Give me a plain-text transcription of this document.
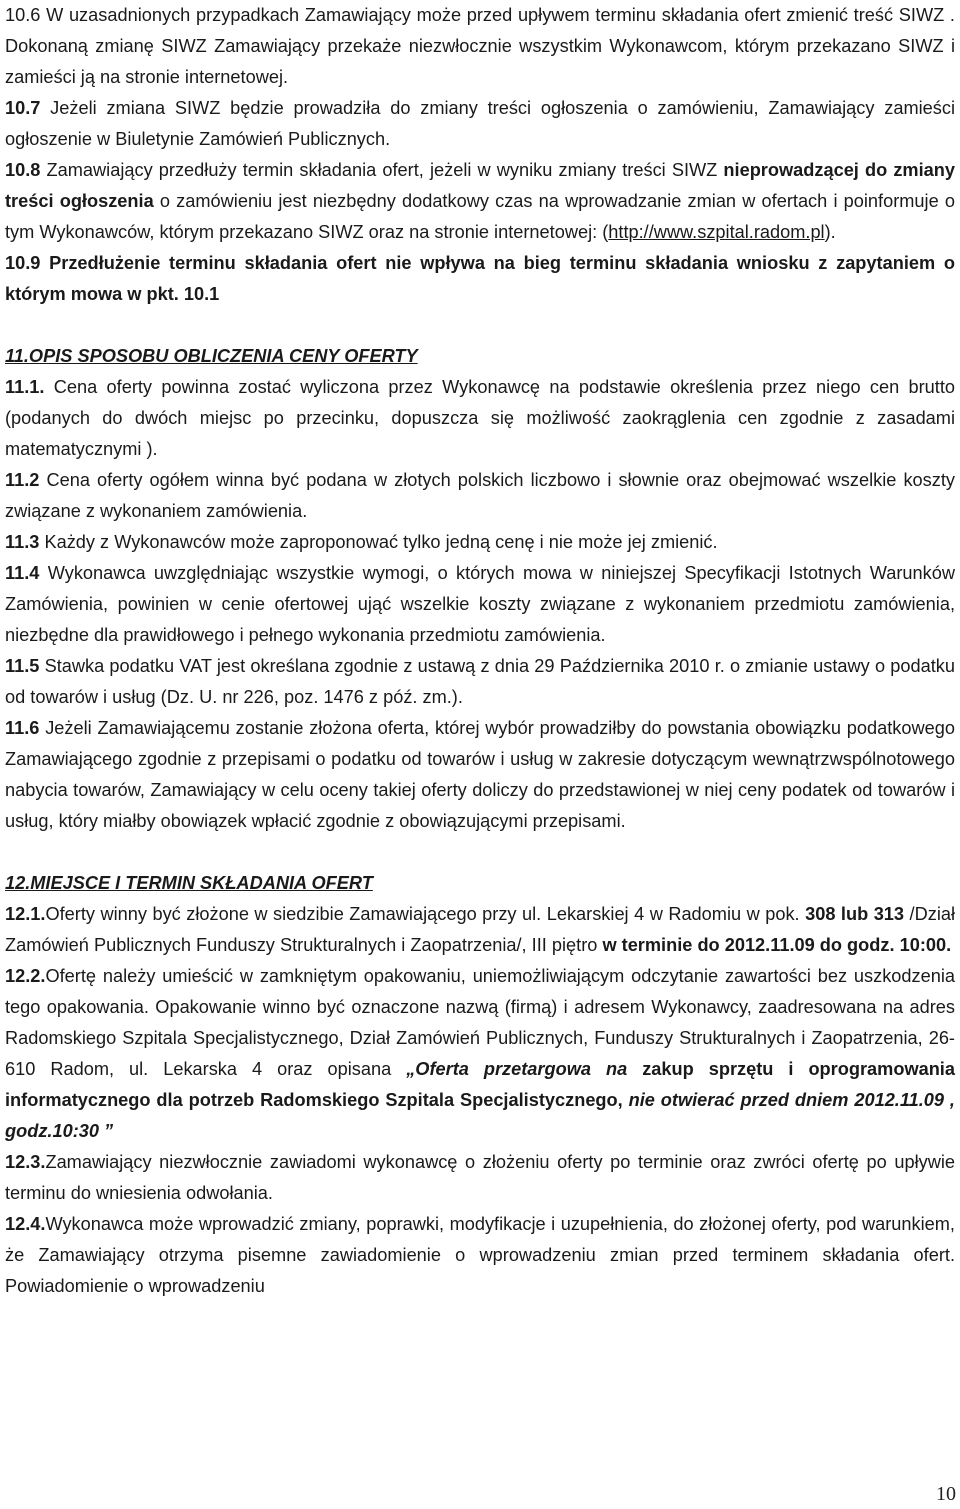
10.6 W uzasadnionych przypadkach Zamawiający może przed upływem terminu składania ofert zmienić treść SIWZ . Dokonaną zmianę SIWZ Zamawiający przekaże niezwłocznie wszystkim Wykonawcom, którym przekazano SIWZ i zamieści ją na stronie internetowej.

10.7 Jeżeli zmiana SIWZ będzie prowadziła do zmiany treści ogłoszenia o zamówieniu, Zamawiający zamieści ogłoszenie w Biuletynie Zamówień Publicznych.

10.8 Zamawiający przedłuży termin składania ofert, jeżeli w wyniku zmiany treści SIWZ nieprowadzącej do zmiany treści ogłoszenia o zamówieniu jest niezbędny dodatkowy czas na wprowadzanie zmian w ofertach i poinformuje o tym Wykonawców, którym przekazano SIWZ oraz na stronie internetowej: (http://www.szpital.radom.pl).

10.9 Przedłużenie terminu składania ofert nie wpływa na bieg terminu składania wniosku z zapytaniem o którym mowa w pkt. 10.1

11.OPIS SPOSOBU OBLICZENIA CENY OFERTY

11.1. Cena oferty powinna zostać wyliczona przez Wykonawcę na podstawie określenia przez niego cen brutto (podanych do dwóch miejsc po przecinku, dopuszcza się możliwość zaokrąglenia cen zgodnie z zasadami matematycznymi ).

11.2 Cena oferty ogółem winna być podana w złotych polskich liczbowo i słownie oraz obejmować wszelkie koszty związane z wykonaniem zamówienia.

11.3 Każdy z Wykonawców może zaproponować tylko jedną cenę i nie może jej zmienić.

11.4 Wykonawca uwzględniając wszystkie wymogi, o których mowa w niniejszej Specyfikacji Istotnych Warunków Zamówienia, powinien w cenie ofertowej ująć wszelkie koszty związane z wykonaniem przedmiotu zamówienia, niezbędne dla prawidłowego i pełnego wykonania przedmiotu zamówienia.

11.5 Stawka podatku VAT jest określana zgodnie z ustawą z dnia 29 Października 2010 r. o zmianie ustawy o podatku od towarów i usług (Dz. U. nr 226, poz. 1476 z póź. zm.).

11.6 Jeżeli Zamawiającemu zostanie złożona oferta, której wybór prowadziłby do powstania obowiązku podatkowego Zamawiającego zgodnie z przepisami o podatku od towarów i usług w zakresie dotyczącym wewnątrzwspólnotowego nabycia towarów, Zamawiający w celu oceny takiej oferty doliczy do przedstawionej w niej ceny podatek od towarów i usług, który miałby obowiązek wpłacić zgodnie z obowiązującymi przepisami.

12.MIEJSCE I TERMIN SKŁADANIA OFERT

12.1.Oferty winny być złożone w siedzibie Zamawiającego przy ul. Lekarskiej 4 w Radomiu w pok. 308 lub 313 /Dział Zamówień Publicznych Funduszy Strukturalnych i Zaopatrzenia/, III piętro w terminie do 2012.11.09 do godz. 10:00.

12.2.Ofertę należy umieścić w zamkniętym opakowaniu, uniemożliwiającym odczytanie zawartości bez uszkodzenia tego opakowania. Opakowanie winno być oznaczone nazwą (firmą) i adresem Wykonawcy, zaadresowana na adres Radomskiego Szpitala Specjalistycznego, Dział Zamówień Publicznych, Funduszy Strukturalnych i Zaopatrzenia, 26-610 Radom, ul. Lekarska 4 oraz opisana „Oferta przetargowa na zakup sprzętu i oprogramowania informatycznego dla potrzeb Radomskiego Szpitala Specjalistycznego, nie otwierać przed dniem 2012.11.09 , godz.10:30 ”

12.3.Zamawiający niezwłocznie zawiadomi wykonawcę o złożeniu oferty po terminie oraz zwróci ofertę po upływie terminu do wniesienia odwołania.

12.4.Wykonawca może wprowadzić zmiany, poprawki, modyfikacje i uzupełnienia, do złożonej oferty, pod warunkiem, że Zamawiający otrzyma pisemne zawiadomienie o wprowadzeniu zmian przed terminem składania ofert. Powiadomienie o wprowadzeniu

10
